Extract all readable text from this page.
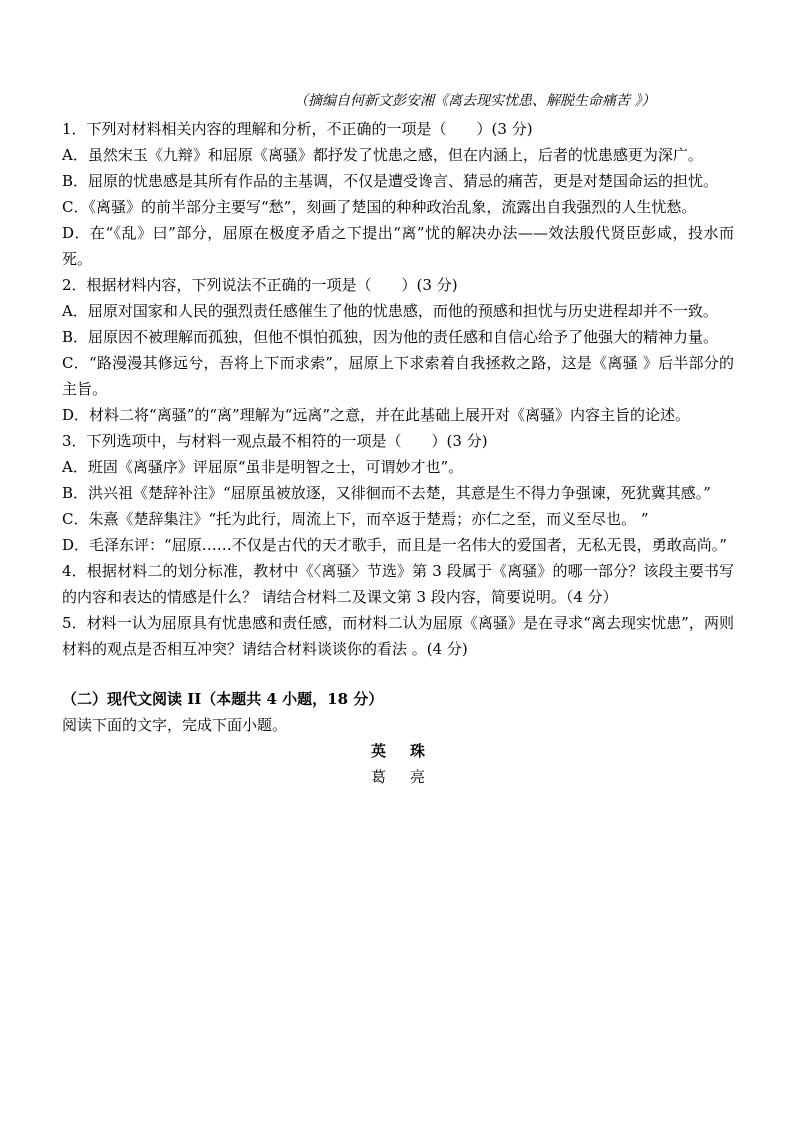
（摘编自何新文彭安湘《离去现实忧患、解脱生命痛苦 》）

1．下列对材料相关内容的理解和分析，不正确的一项是（　　）(3 分)

A．虽然宋玉《九辩》和屈原《离骚》都抒发了忧患之感，但在内涵上，后者的忧患感更为深广。

B．屈原的忧患感是其所有作品的主基调，不仅是遭受谗言、猜忌的痛苦，更是对楚国命运的担忧。

C．《离骚》的前半部分主要写“愁”，刻画了楚国的种种政治乱象，流露出自我强烈的人生忧愁。

D．在“《乱》曰”部分，屈原在极度矛盾之下提出“离”忧的解决办法——效法殷代贤臣彭咸，投水而死。

2．根据材料内容，下列说法不正确的一项是（　　）(3 分)

A．屈原对国家和人民的强烈责任感催生了他的忧患感，而他的预感和担忧与历史进程却并不一致。

B．屈原因不被理解而孤独，但他不惧怕孤独，因为他的责任感和自信心给予了他强大的精神力量。

C．“路漫漫其修远兮，吾将上下而求索”，屈原上下求索着自我拯救之路，这是《离骚 》后半部分的主旨。

D．材料二将“离骚”的“离”理解为“远离”之意，并在此基础上展开对《离骚》内容主旨的论述。

3．下列选项中，与材料一观点最不相符的一项是（　　）(3 分)

A．班固《离骚序》评屈原“虽非是明智之士，可谓妙才也”。

B．洪兴祖《楚辞补注》“屈原虽被放逐，又徘徊而不去楚，其意是生不得力争强谏，死犹冀其感。”

C．朱熹《楚辞集注》“托为此行，周流上下，而卒返于楚焉；亦仁之至，而义至尽也。 ”

D．毛泽东评：“屈原……不仅是古代的天才歌手，而且是一名伟大的爱国者，无私无畏，勇敢高尚。”

4．根据材料二的划分标准，教材中《〈离骚〉节选》第 3 段属于《离骚》的哪一部分？该段主要书写的内容和表达的情感是什么？ 请结合材料二及课文第 3 段内容，简要说明。（4 分）

5．材料一认为屈原具有忧患感和责任感，而材料二认为屈原《离骚》是在寻求“离去现实忧患”，两则材料的观点是否相互冲突？请结合材料谈谈你的看法 。(4 分)

（二）现代文阅读 II（本题共 4 小题，18 分）

阅读下面的文字，完成下面小题。

英珠

葛亮
